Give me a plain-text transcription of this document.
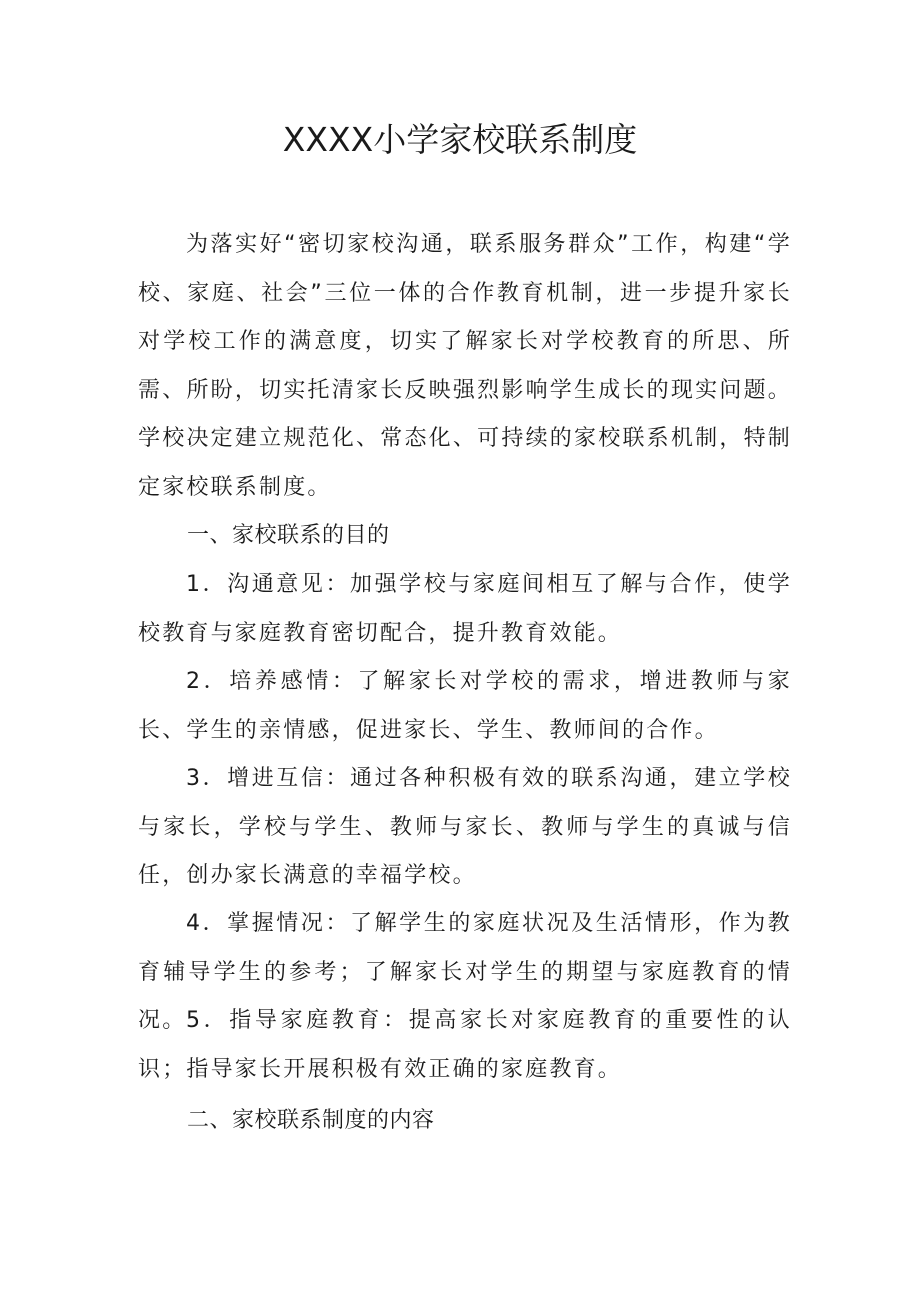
XXXX小学家校联系制度

为落实好“密切家校沟通，联系服务群众”工作，构建“学校、家庭、社会”三位一体的合作教育机制，进一步提升家长对学校工作的满意度，切实了解家长对学校教育的所思、所需、所盼，切实托清家长反映强烈影响学生成长的现实问题。学校决定建立规范化、常态化、可持续的家校联系机制，特制定家校联系制度。

一、家校联系的目的

1．沟通意见：加强学校与家庭间相互了解与合作，使学校教育与家庭教育密切配合，提升教育效能。

2．培养感情：了解家长对学校的需求，增进教师与家长、学生的亲情感，促进家长、学生、教师间的合作。

3．增进互信：通过各种积极有效的联系沟通，建立学校与家长，学校与学生、教师与家长、教师与学生的真诚与信任，创办家长满意的幸福学校。

4．掌握情况：了解学生的家庭状况及生活情形，作为教育辅导学生的参考；了解家长对学生的期望与家庭教育的情况。 5．指导家庭教育：提高家长对家庭教育的重要性的认识；指导家长开展积极有效正确的家庭教育。

二、家校联系制度的内容
